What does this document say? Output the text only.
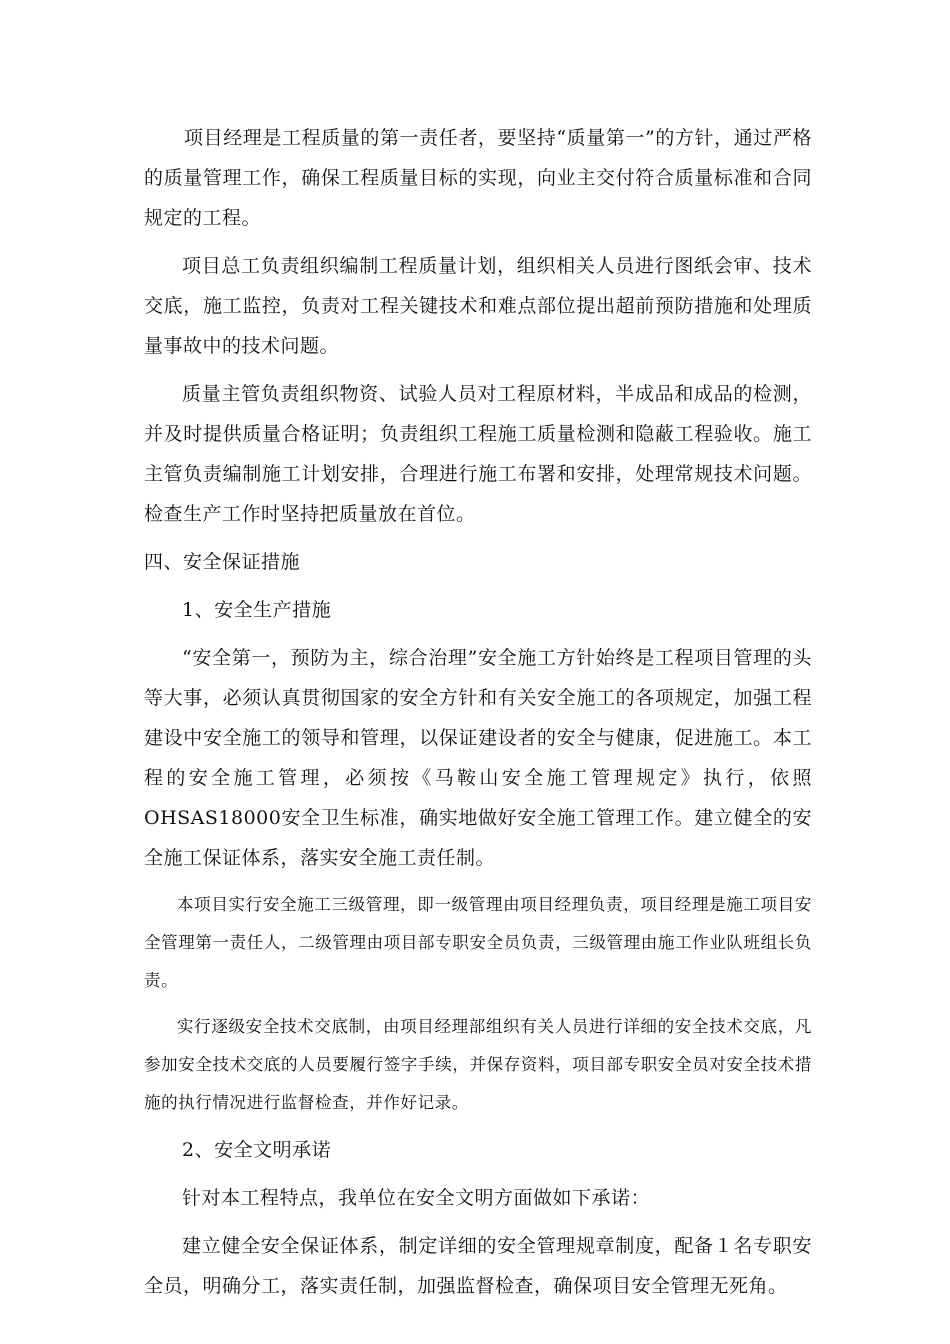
项目经理是工程质量的第一责任者，要坚持“质量第一”的方针，通过严格的质量管理工作，确保工程质量目标的实现，向业主交付符合质量标准和合同规定的工程。

项目总工负责组织编制工程质量计划，组织相关人员进行图纸会审、技术交底，施工监控，负责对工程关键技术和难点部位提出超前预防措施和处理质量事故中的技术问题。

质量主管负责组织物资、试验人员对工程原材料，半成品和成品的检测，并及时提供质量合格证明；负责组织工程施工质量检测和隐蔽工程验收。施工主管负责编制施工计划安排，合理进行施工布署和安排，处理常规技术问题。检查生产工作时坚持把质量放在首位。

四、安全保证措施

1、安全生产措施

“安全第一，预防为主，综合治理”安全施工方针始终是工程项目管理的头等大事，必须认真贯彻国家的安全方针和有关安全施工的各项规定，加强工程建设中安全施工的领导和管理，以保证建设者的安全与健康，促进施工。本工程的安全施工管理，必须按《马鞍山安全施工管理规定》执行，依照OHSAS18000安全卫生标准，确实地做好安全施工管理工作。建立健全的安全施工保证体系，落实安全施工责任制。

本项目实行安全施工三级管理，即一级管理由项目经理负责，项目经理是施工项目安全管理第一责任人，二级管理由项目部专职安全员负责，三级管理由施工作业队班组长负责。

实行逐级安全技术交底制，由项目经理部组织有关人员进行详细的安全技术交底，凡参加安全技术交底的人员要履行签字手续，并保存资料，项目部专职安全员对安全技术措施的执行情况进行监督检查，并作好记录。

2、安全文明承诺

针对本工程特点，我单位在安全文明方面做如下承诺：

建立健全安全保证体系，制定详细的安全管理规章制度，配备１名专职安全员，明确分工，落实责任制，加强监督检查，确保项目安全管理无死角。
